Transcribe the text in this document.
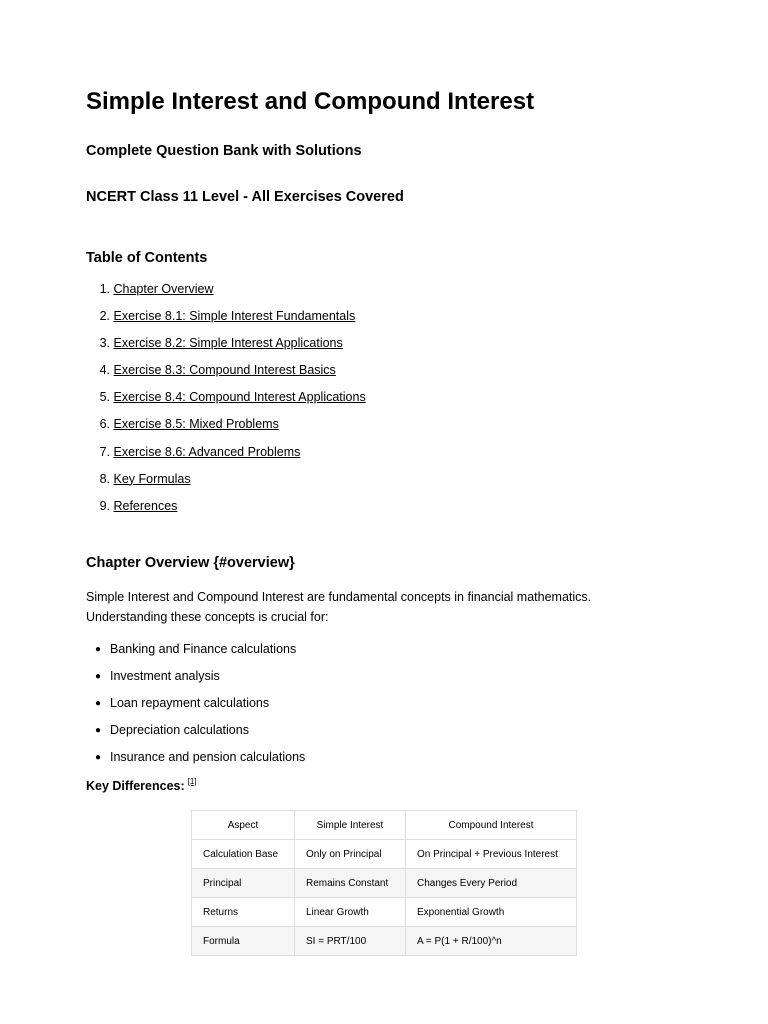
Simple Interest and Compound Interest
Complete Question Bank with Solutions
NCERT Class 11 Level - All Exercises Covered
Table of Contents
1. Chapter Overview
2. Exercise 8.1: Simple Interest Fundamentals
3. Exercise 8.2: Simple Interest Applications
4. Exercise 8.3: Compound Interest Basics
5. Exercise 8.4: Compound Interest Applications
6. Exercise 8.5: Mixed Problems
7. Exercise 8.6: Advanced Problems
8. Key Formulas
9. References
Chapter Overview {#overview}

Simple Interest and Compound Interest are fundamental concepts in financial mathematics. Understanding these concepts is crucial for:

● Banking and Finance calculations
● Investment analysis
● Loan repayment calculations
● Depreciation calculations
● Insurance and pension calculations
Key Differences: [1]
Aspect	Simple Interest	Compound Interest
Calculation Base	Only on Principal	On Principal + Previous Interest
Principal	Remains Constant	Changes Every Period
Returns	Linear Growth	Exponential Growth
Formula	SI = PRT/100	A = P(1 + R/100)^n
